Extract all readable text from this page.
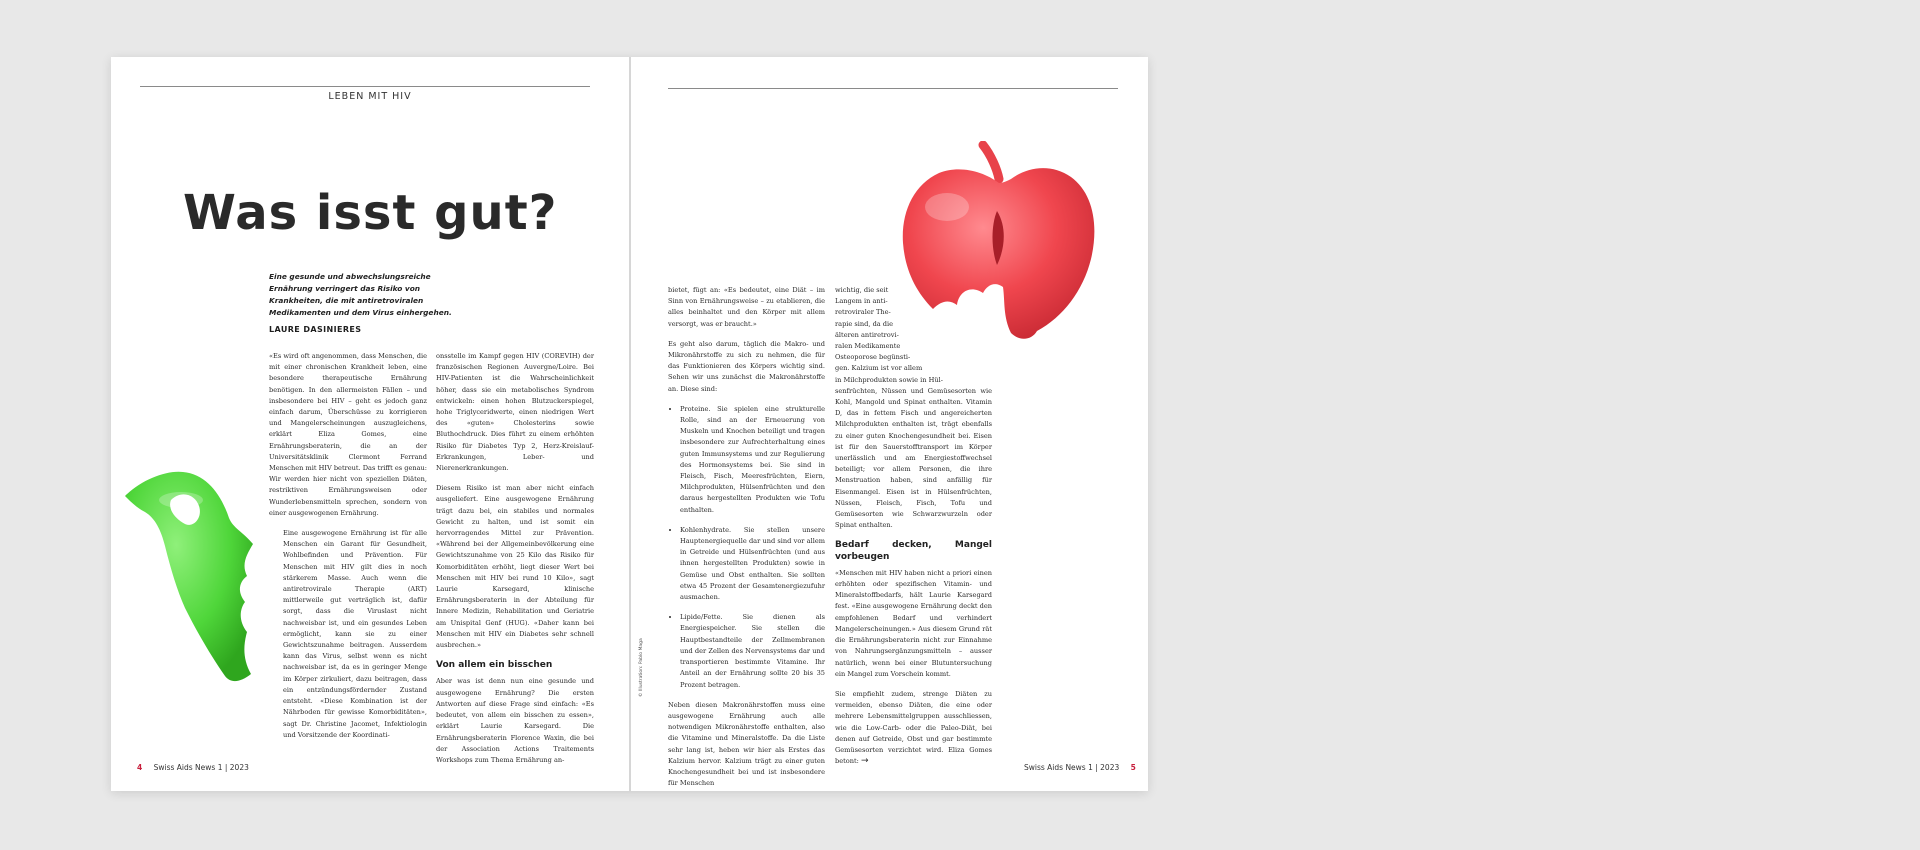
LEBEN MIT HIV
Was isst gut?
Eine gesunde und abwechslungsreiche Ernährung verringert das Risiko von Krankheiten, die mit antiretroviralen Medikamenten und dem Virus einhergehen.
LAURE DASINIERES

«Es wird oft angenommen, dass Menschen, die mit einer chronischen Krankheit leben, eine besondere therapeutische Ernährung benötigen. In den allermeisten Fällen – und insbesondere bei HIV – geht es jedoch ganz einfach darum, Überschüsse zu korrigieren und Mangelerscheinungen auszugleichens, erklärt Eliza Gomes, eine Ernährungsberaterin, die an der Universitätsklinik Clermont Ferrand Menschen mit HIV betreut. Das trifft es genau: Wir werden hier nicht von speziellen Diäten, restriktiven Ernährungsweisen oder Wunderlebensmitteln sprechen, sondern von einer ausgewogenen Ernährung.

Eine ausgewogene Ernährung ist für alle Menschen ein Garant für Gesundheit, Wohlbefinden und Prävention. Für Menschen mit HIV gilt dies in noch stärkerem Masse. Auch wenn die antiretrovirale Therapie (ART) mittlerweile gut verträglich ist, dafür sorgt, dass die Viruslast nicht nachweisbar ist, und ein gesundes Leben ermöglicht, kann sie zu einer Gewichtszunahme beitragen. Ausserdem kann das Virus, selbst wenn es nicht nachweisbar ist, da es in geringer Menge im Körper zirkuliert, dazu beitragen, dass ein entzündungsfördernder Zustand entsteht. «Diese Kombination ist der Nährboden für gewisse Komorbiditäten», sagt Dr. Christine Jacomet, Infektiologin und Vorsitzende der Koordinati-

onsstelle im Kampf gegen HIV (COREVIH) der französischen Regionen Auvergne/Loire. Bei HIV-Patienten ist die Wahrscheinlichkeit höher, dass sie ein metabolisches Syndrom entwickeln: einen hohen Blutzuckerspiegel, hohe Triglyceridwerte, einen niedrigen Wert des «guten» Cholesterins sowie Bluthochdruck. Dies führt zu einem erhöhten Risiko für Diabetes Typ 2, Herz-Kreislauf-Erkrankungen, Leber- und Nierenerkrankungen.

Diesem Risiko ist man aber nicht einfach ausgeliefert. Eine ausgewogene Ernährung trägt dazu bei, ein stabiles und normales Gewicht zu halten, und ist somit ein hervorragendes Mittel zur Prävention. «Während bei der Allgemeinbevölkerung eine Gewichtszunahme von 25 Kilo das Risiko für Komorbiditäten erhöht, liegt dieser Wert bei Menschen mit HIV bei rund 10 Kilo», sagt Laurie Karsegard, klinische Ernährungsberaterin in der Abteilung für Innere Medizin, Rehabilitation und Geriatrie am Unispital Genf (HUG). «Daher kann bei Menschen mit HIV ein Diabetes sehr schnell ausbrechen.»

Von allem ein bisschen

Aber was ist denn nun eine gesunde und ausgewogene Ernährung? Die ersten Antworten auf diese Frage sind einfach: «Es bedeutet, von allem ein bisschen zu essen», erklärt Laurie Karsegard. Die Ernährungsberaterin Florence Waxin, die bei der Association Actions Traitements Workshops zum Thema Ernährung an-

4 Swiss Aids News 1 | 2023
© Illustration: Pablo Maga

bietet, fügt an: «Es bedeutet, eine Diät – im Sinn von Ernährungsweise – zu etablieren, die alles beinhaltet und den Körper mit allem versorgt, was er braucht.»

Es geht also darum, täglich die Makro- und Mikronährstoffe zu sich zu nehmen, die für das Funktionieren des Körpers wichtig sind. Sehen wir uns zunächst die Makronährstoffe an. Diese sind:

• Proteine. Sie spielen eine strukturelle Rolle, sind an der Erneuerung von Muskeln und Knochen beteiligt und tragen insbesondere zur Aufrechterhaltung eines guten Immunsystems und zur Regulierung des Hormonsystems bei. Sie sind in Fleisch, Fisch, Meeresfrüchten, Eiern, Milchprodukten, Hülsenfrüchten und den daraus hergestellten Produkten wie Tofu enthalten.
• Kohlenhydrate. Sie stellen unsere Hauptenergiequelle dar und sind vor allem in Getreide und Hülsenfrüchten (und aus ihnen hergestellten Produkten) sowie in Gemüse und Obst enthalten. Sie sollten etwa 45 Prozent der Gesamtenergiezufuhr ausmachen.
• Lipide/Fette. Sie dienen als Energiespeicher. Sie stellen die Hauptbestandteile der Zellmembranen und der Zellen des Nervensystems dar und transportieren bestimmte Vitamine. Ihr Anteil an der Ernährung sollte 20 bis 35 Prozent betragen.

Neben diesen Makronährstoffen muss eine ausgewogene Ernährung auch alle notwendigen Mikronährstoffe enthalten, also die Vitamine und Mineralstoffe. Da die Liste sehr lang ist, heben wir hier als Erstes das Kalzium hervor. Kalzium trägt zu einer guten Knochengesundheit bei und ist insbesondere für Menschen

wichtig, die seit
Langem in anti-
retroviraler The-
rapie sind, da die
älteren antiretrovi-
ralen Medikamente
Osteoporose begünsti-
gen. Kalzium ist vor allem
in Milchprodukten sowie in Hül-

senfrüchten, Nüssen und Gemüsesorten wie Kohl, Mangold und Spinat enthalten. Vitamin D, das in fettem Fisch und angereicherten Milchprodukten enthalten ist, trägt ebenfalls zu einer guten Knochengesundheit bei. Eisen ist für den Sauerstofftransport im Körper unerlässlich und am Energiestoffwechsel beteiligt; vor allem Personen, die ihre Menstruation haben, sind anfällig für Eisenmangel. Eisen ist in Hülsenfrüchten, Nüssen, Fleisch, Fisch, Tofu und Gemüsesorten wie Schwarzwurzeln oder Spinat enthalten.

Bedarf decken, Mangel vorbeugen

«Menschen mit HIV haben nicht a priori einen erhöhten oder spezifischen Vitamin- und Mineralstoffbedarfs, hält Laurie Karsegard fest. «Eine ausgewogene Ernährung deckt den empfohlenen Bedarf und verhindert Mangelerscheinungen.» Aus diesem Grund rät die Ernährungsberaterin nicht zur Einnahme von Nahrungsergänzungsmitteln – ausser natürlich, wenn bei einer Blutuntersuchung ein Mangel zum Vorschein kommt.

Sie empfiehlt zudem, strenge Diäten zu vermeiden, ebenso Diäten, die eine oder mehrere Lebensmittelgruppen ausschliessen, wie die Low-Carb- oder die Paleo-Diät, bei denen auf Getreide, Obst und gar bestimmte Gemüsesorten verzichtet wird. Eliza Gomes betont: →

Swiss Aids News 1 | 2023 5
